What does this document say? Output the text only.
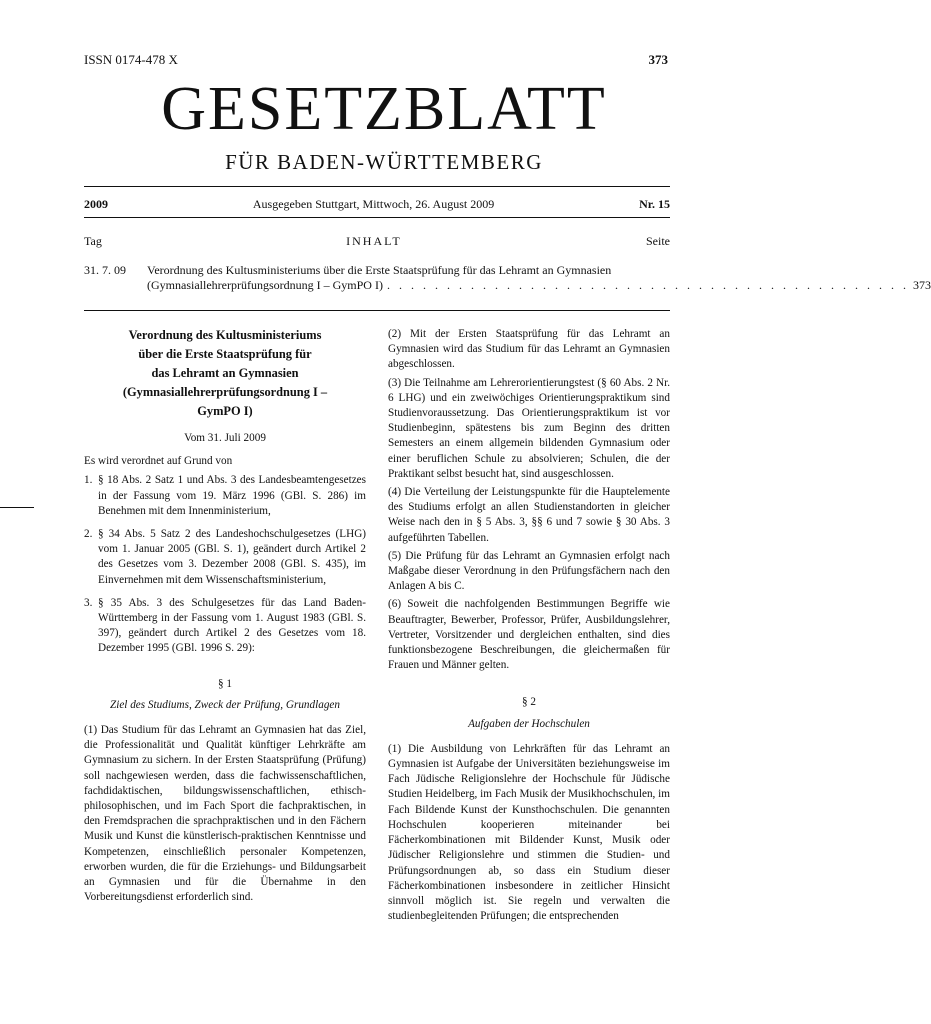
ISSN 0174-478 X	373
GESETZBLATT
FÜR BADEN-WÜRTTEMBERG
2009	Ausgegeben Stuttgart, Mittwoch, 26. August 2009	Nr. 15
Tag	INHALT	Seite
31. 7. 09 Verordnung des Kultusministeriums über die Erste Staatsprüfung für das Lehramt an Gymnasien
(Gymnasiallehrerprüfungsordnung I – GymPO I) . . . . . . . . . . . . . . . . . . . . . . . . . . . . . . . . . . . . . . . . . . . . 373
Verordnung des Kultusministeriums
über die Erste Staatsprüfung für
das Lehramt an Gymnasien
(Gymnasiallehrerprüfungsordnung I –
GymPO I)
Vom 31. Juli 2009
Es wird verordnet auf Grund von
1. § 18 Abs. 2 Satz 1 und Abs. 3 des Landesbeamtengesetzes in der Fassung vom 19. März 1996 (GBl. S. 286) im Benehmen mit dem Innenministerium,
2. § 34 Abs. 5 Satz 2 des Landeshochschulgesetzes (LHG) vom 1. Januar 2005 (GBl. S. 1), geändert durch Artikel 2 des Gesetzes vom 3. Dezember 2008 (GBl. S. 435), im Einvernehmen mit dem Wissenschaftsministerium,
3. § 35 Abs. 3 des Schulgesetzes für das Land Baden-Württemberg in der Fassung vom 1. August 1983 (GBl. S. 397), geändert durch Artikel 2 des Gesetzes vom 18. Dezember 1995 (GBl. 1996 S. 29):
§ 1
Ziel des Studiums, Zweck der Prüfung, Grundlagen

(1) Das Studium für das Lehramt an Gymnasien hat das Ziel, die Professionalität und Qualität künftiger Lehrkräfte am Gymnasium zu sichern. In der Ersten Staatsprüfung (Prüfung) soll nachgewiesen werden, dass die fachwissenschaftlichen, fachdidaktischen, bildungswissenschaftlichen, ethisch-philosophischen, und im Fach Sport die fachpraktischen, in den Fremdsprachen die sprachpraktischen und in den Fächern Musik und Kunst die künstlerisch-praktischen Kenntnisse und Kompetenzen, einschließlich personaler Kompetenzen, erworben wurden, die für die Erziehungs- und Bildungsarbeit an Gymnasien und für die Übernahme in den Vorbereitungsdienst erforderlich sind.

(2) Mit der Ersten Staatsprüfung für das Lehramt an Gymnasien wird das Studium für das Lehramt an Gymnasien abgeschlossen.

(3) Die Teilnahme am Lehrerorientierungstest (§ 60 Abs. 2 Nr. 6 LHG) und ein zweiwöchiges Orientierungspraktikum sind Studienvoraussetzung. Das Orientierungspraktikum ist vor Studienbeginn, spätestens bis zum Beginn des dritten Semesters an einem allgemein bildenden Gymnasium oder einer beruflichen Schule zu absolvieren; Schulen, die der Praktikant selbst besucht hat, sind ausgeschlossen.

(4) Die Verteilung der Leistungspunkte für die Hauptelemente des Studiums erfolgt an allen Studienstandorten in gleicher Weise nach den in § 5 Abs. 3, §§ 6 und 7 sowie § 30 Abs. 3 aufgeführten Tabellen.

(5) Die Prüfung für das Lehramt an Gymnasien erfolgt nach Maßgabe dieser Verordnung in den Prüfungsfächern nach den Anlagen A bis C.

(6) Soweit die nachfolgenden Bestimmungen Begriffe wie Beauftragter, Bewerber, Professor, Prüfer, Ausbildungslehrer, Vertreter, Vorsitzender und dergleichen enthalten, sind dies funktionsbezogene Beschreibungen, die gleichermaßen für Frauen und Männer gelten.

§ 2
Aufgaben der Hochschulen

(1) Die Ausbildung von Lehrkräften für das Lehramt an Gymnasien ist Aufgabe der Universitäten beziehungsweise im Fach Jüdische Religionslehre der Hochschule für Jüdische Studien Heidelberg, im Fach Musik der Musikhochschulen, im Fach Bildende Kunst der Kunsthochschulen. Die genannten Hochschulen kooperieren miteinander bei Fächerkombinationen mit Bildender Kunst, Musik oder Jüdischer Religionslehre und stimmen die Studien- und Prüfungsordnungen ab, so dass ein Studium dieser Fächerkombinationen insbesondere in zeitlicher Hinsicht sinnvoll möglich ist. Sie regeln und verwalten die studienbegleitenden Prüfungen; die entsprechenden
